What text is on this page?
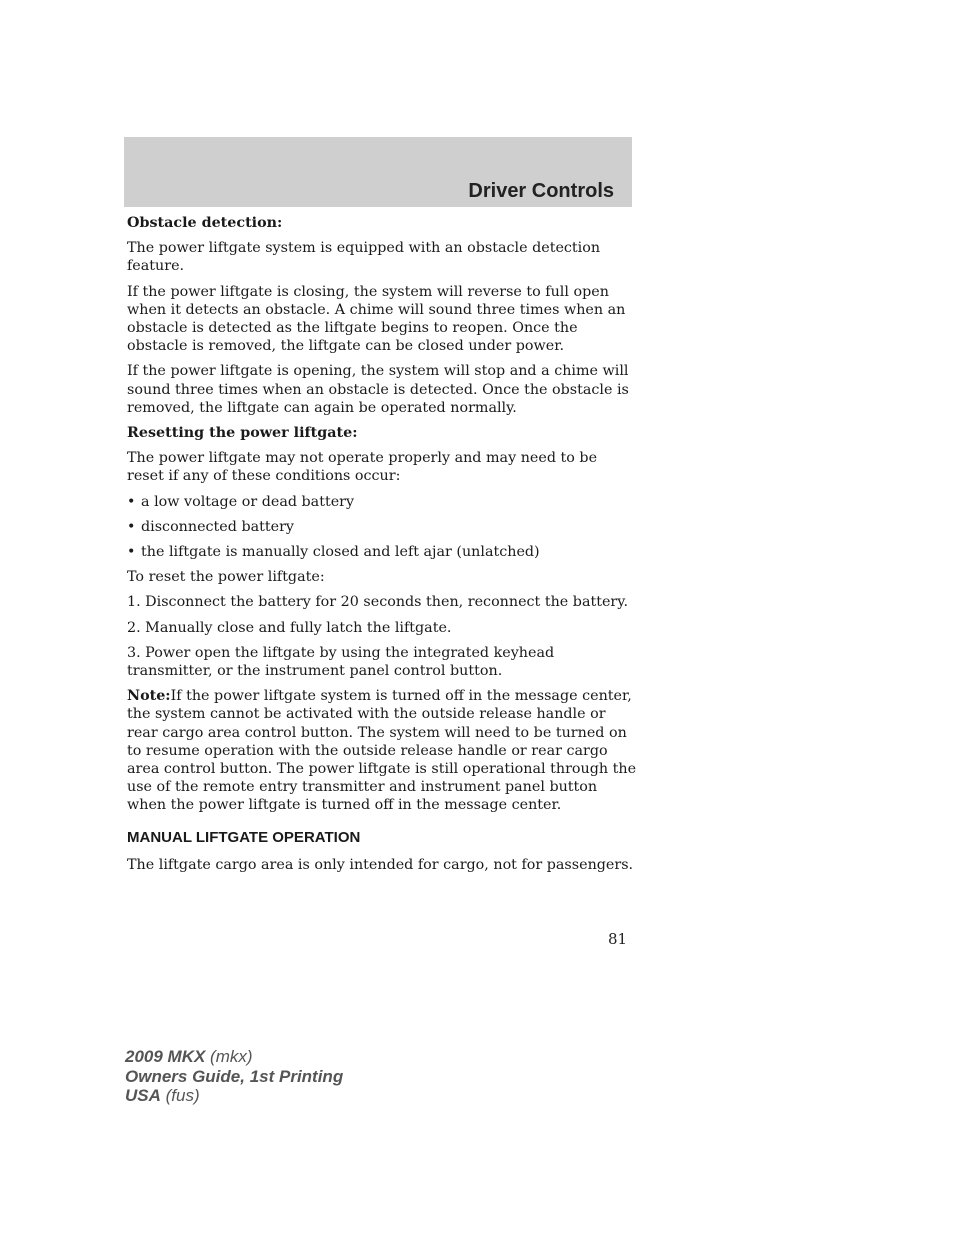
Driver Controls

Obstacle detection:

The power liftgate system is equipped with an obstacle detection feature.

If the power liftgate is closing, the system will reverse to full open when it detects an obstacle. A chime will sound three times when an obstacle is detected as the liftgate begins to reopen. Once the obstacle is removed, the liftgate can be closed under power.

If the power liftgate is opening, the system will stop and a chime will sound three times when an obstacle is detected. Once the obstacle is removed, the liftgate can again be operated normally.

Resetting the power liftgate:

The power liftgate may not operate properly and may need to be reset if any of these conditions occur:

• a low voltage or dead battery
• disconnected battery
• the liftgate is manually closed and left ajar (unlatched)

To reset the power liftgate:

1. Disconnect the battery for 20 seconds then, reconnect the battery.

2. Manually close and fully latch the liftgate.

3. Power open the liftgate by using the integrated keyhead transmitter, or the instrument panel control button.

Note:If the power liftgate system is turned off in the message center, the system cannot be activated with the outside release handle or rear cargo area control button. The system will need to be turned on to resume operation with the outside release handle or rear cargo area control button. The power liftgate is still operational through the use of the remote entry transmitter and instrument panel button when the power liftgate is turned off in the message center.

MANUAL LIFTGATE OPERATION

The liftgate cargo area is only intended for cargo, not for passengers.

81
2009 MKX (mkx)
Owners Guide, 1st Printing
USA (fus)
